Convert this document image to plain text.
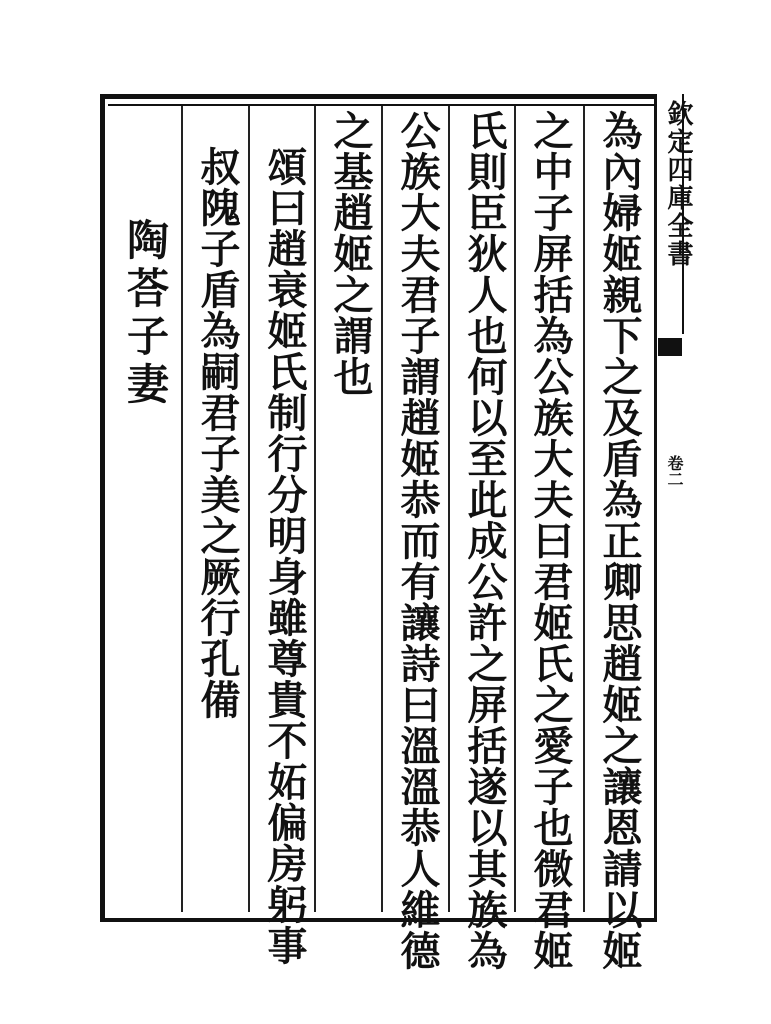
欽定四庫全書
卷二
為內婦姬親下之及盾為正卿思趙姬之讓恩請以姬
之中子屏括為公族大夫曰君姬氏之愛子也微君姬
氏則臣狄人也何以至此成公許之屏括遂以其族為
公族大夫君子謂趙姬恭而有讓詩曰溫溫恭人維德
之基趙姬之謂也
頌曰趙衰姬氏制行分明身雖尊貴不妬偏房躬事
叔隗子盾為嗣君子美之厥行孔備
陶荅子妻
